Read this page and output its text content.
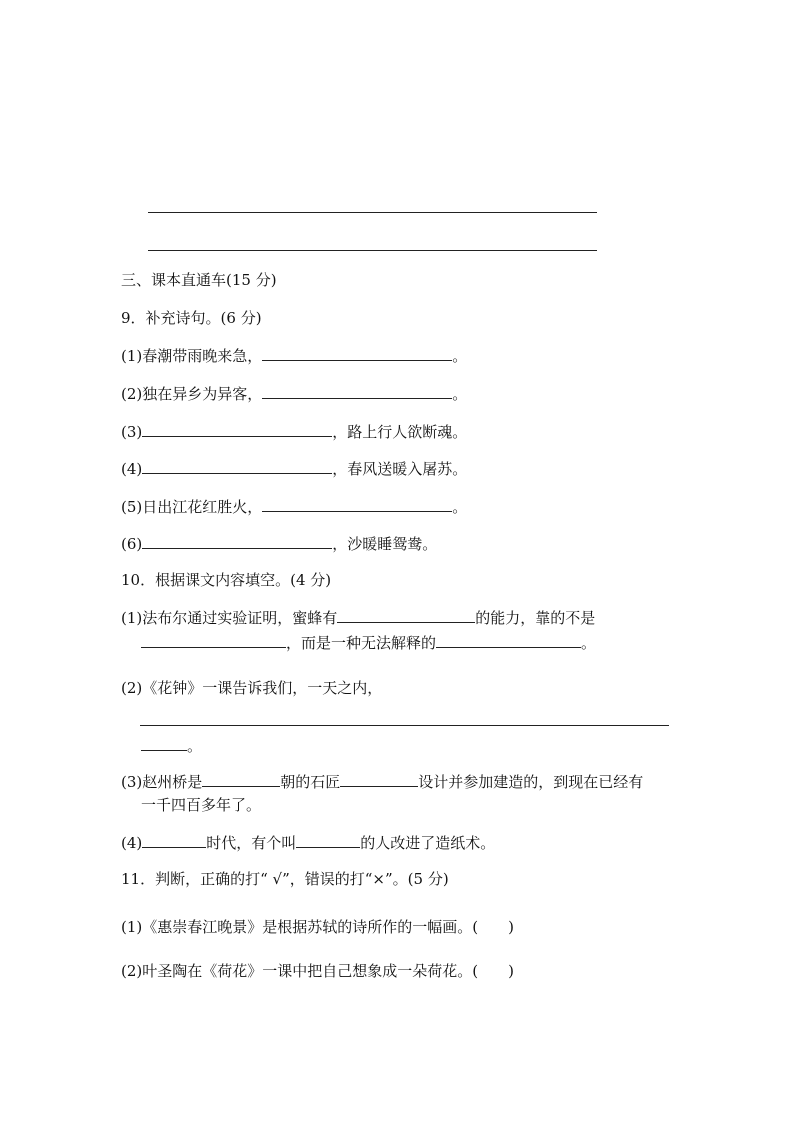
三、课本直通车(15 分)
9．补充诗句。(6 分)
(1)春潮带雨晚来急，	。
(2)独在异乡为异客，	。
(3)	，路上行人欲断魂。
(4)	，春风送暖入屠苏。
(5)日出江花红胜火，	。
(6)	，沙暖睡鸳鸯。
10．根据课文内容填空。(4 分)
(1)法布尔通过实验证明，蜜蜂有	的能力，靠的不是
，而是一种无法解释的	。
(2)《花钟》一课告诉我们，一天之内，
。
(3)赵州桥是	朝的石匠	设计并参加建造的，到现在已经有
一千四百多年了。
(4)	时代，有个叫	的人改进了造纸术。
11．判断，正确的打“ √”，错误的打“×”。(5 分)
(1)《惠崇春江晚景》是根据苏轼的诗所作的一幅画。(　　)
(2)叶圣陶在《荷花》一课中把自己想象成一朵荷花。(　　)
